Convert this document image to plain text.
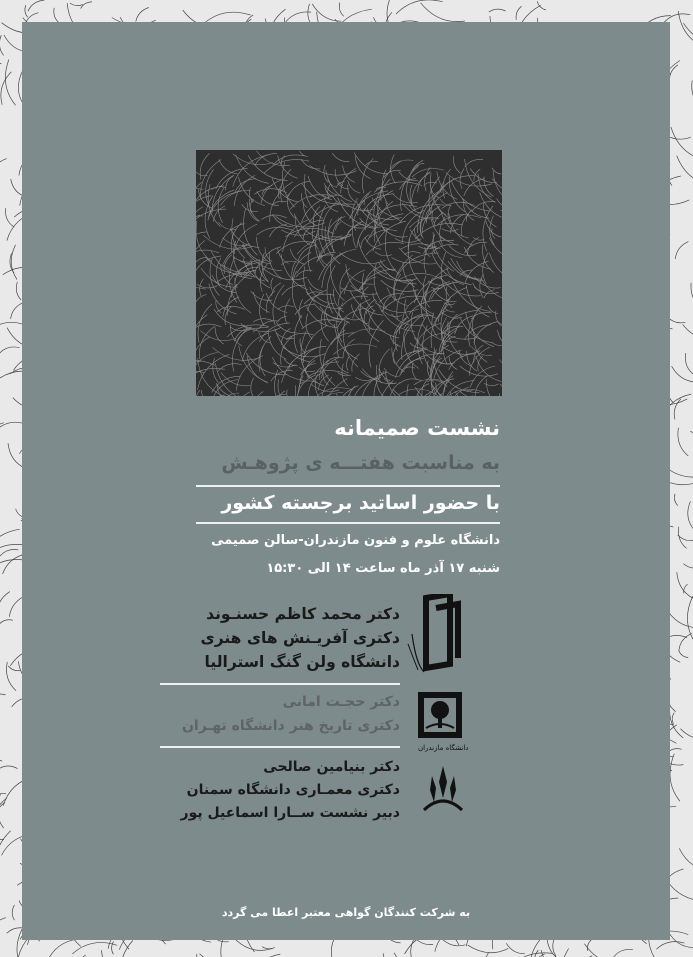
نشست صمیمانه
به مناسبت هفتـــه ی پژوهـش
با حضور اساتید برجسته کشور
دانشگاه علوم و فنون مازندران-سالن صمیمی
شنبه ۱۷ آذر ماه ساعت ۱۴ الی ۱۵:۳۰
دکتر محمد کاظم حسنـوند
دکتری آفریـنش های هنری
دانشگاه ولن گنگ استرالیا
دکتر حجـت امانی
دکتری تاریخ هنر دانشگاه تهـران
دکتر بنیامین صالحی
دکتری معمـاری دانشگاه سمنان
دبیر نشست ســارا اسماعیل پور
دانشگاه مازندران
به شرکت کنندگان گواهی معتبر اعطا می گردد
